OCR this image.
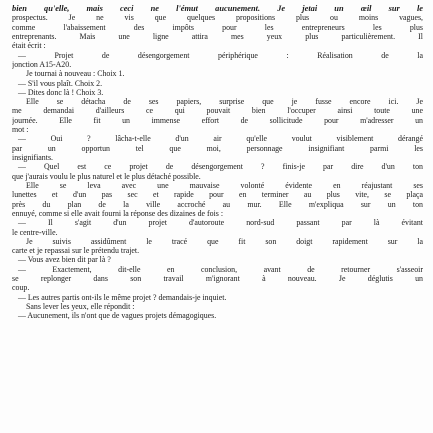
bien qu'elle, mais ceci ne l'émut aucunement. Je jetai un œil sur le

prospectus. Je ne vis que quelques propositions plus ou moins vagues,

comme l'abaissement des impôts pour les entrepreneurs les plus

entreprenants. Mais une ligne attira mes yeux plus particulièrement. Il

était écrit :

— Projet de désengorgement périphérique : Réalisation de la

jonction A15-A20.

Je tournai à nouveau : Choix 1.

— S'il vous plaît. Choix 2.

— Dites donc là ! Choix 3.

Elle se détacha de ses papiers, surprise que je fusse encore ici. Je

me demandai d'ailleurs ce qui pouvait bien l'occuper ainsi toute une

journée. Elle fit un immense effort de sollicitude pour m'adresser un

mot :

— Oui ? lâcha-t-elle d'un air qu'elle voulut visiblement dérangé

par un opportun tel que moi, personnage insignifiant parmi les

insignifiants.

— Quel est ce projet de désengorgement ? finis-je par dire d'un ton

que j'aurais voulu le plus naturel et le plus détaché possible.

Elle se leva avec une mauvaise volonté évidente en réajustant ses

lunettes et d'un pas sec et rapide pour en terminer au plus vite, se plaça

près du plan de la ville accroché au mur. Elle m'expliqua sur un ton

ennuyé, comme si elle avait fourni la réponse des dizaines de fois :

— Il s'agit d'un projet d'autoroute nord-sud passant par là évitant

le centre-ville.

Je suivis assidûment le tracé que fit son doigt rapidement sur la

carte et je repassai sur le prétendu trajet.

— Vous avez bien dit par là ?

— Exactement, dit-elle en conclusion, avant de retourner s'asseoir

se replonger dans son travail m'ignorant à nouveau. Je déglutis un

coup.

— Les autres partis ont-ils le même projet ? demandais-je inquiet.

Sans lever les yeux, elle répondit :

— Aucunement, ils n'ont que de vagues projets démagogiques.
